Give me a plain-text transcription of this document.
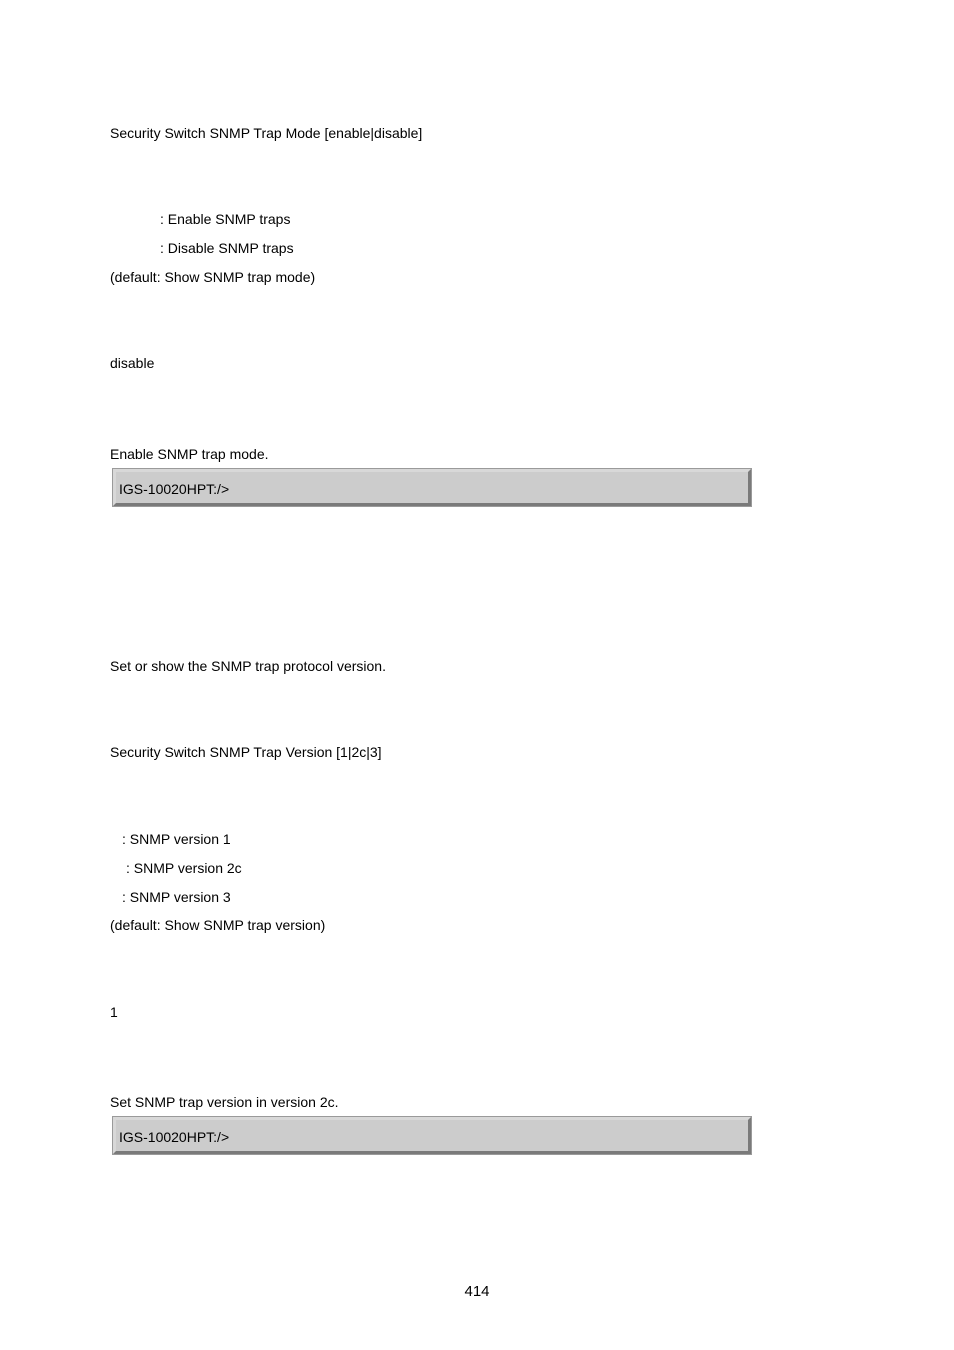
Security Switch SNMP Trap Mode [enable|disable]
: Enable SNMP traps
: Disable SNMP traps
(default: Show SNMP trap mode)
disable
Enable SNMP trap mode.
IGS-10020HPT:/>
Set or show the SNMP trap protocol version.
Security Switch SNMP Trap Version [1|2c|3]
: SNMP version 1
: SNMP version 2c
: SNMP version 3
(default: Show SNMP trap version)
1
Set SNMP trap version in version 2c.
IGS-10020HPT:/>
414
